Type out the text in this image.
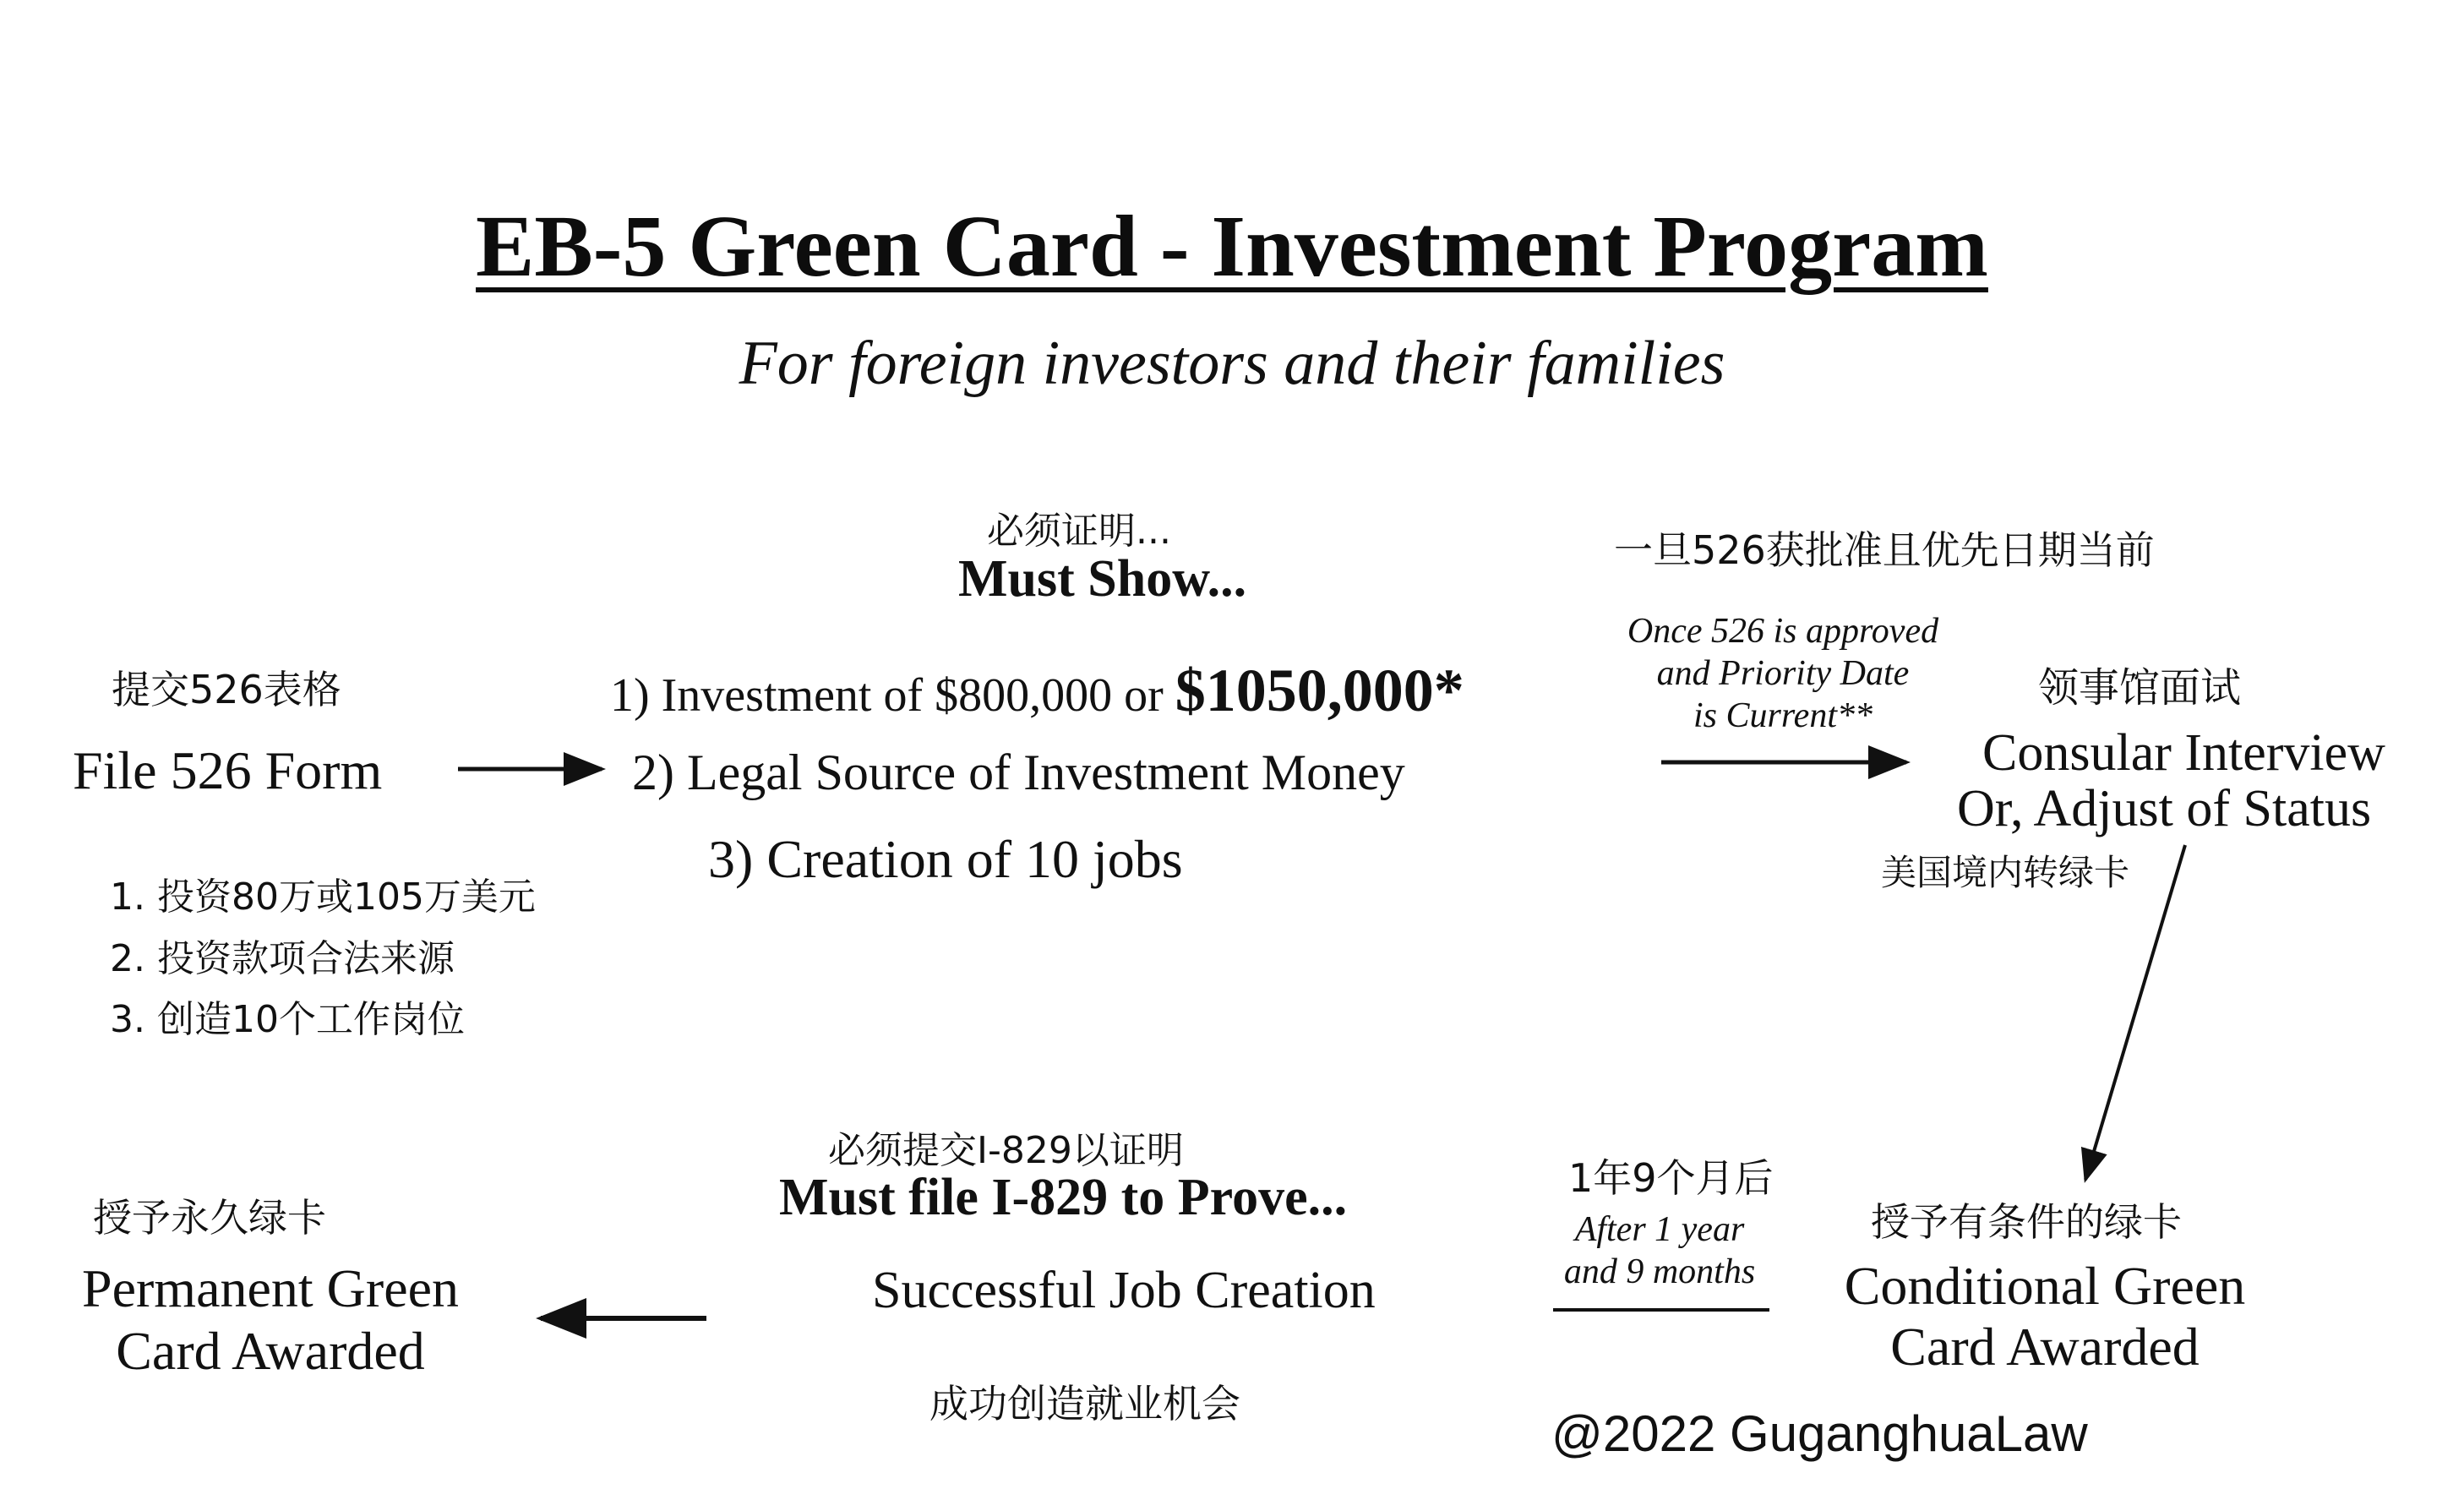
EB-5 Green Card - Investment Program
For foreign investors and their families
提交526表格
File 526 Form
1. 投资80万或105万美元
2. 投资款项合法来源
3. 创造10个工作岗位
必须证明...
Must Show...
1) Investment of $800,000 or $1050,000*
2) Legal Source of Investment Money
3) Creation of 10 jobs
一旦526获批准且优先日期当前
Once 526 is approved
and Priority Date
is Current**
领事馆面试
Consular Interview
Or, Adjust of Status
美国境内转绿卡
授予有条件的绿卡
Conditional Green
Card Awarded
1年9个月后
After 1 year
and 9 months
必须提交I-829以证明
Must file I-829 to Prove...
Successful Job Creation
成功创造就业机会
授予永久绿卡
Permanent Green
Card Awarded
@2022 GuganghuaLaw
